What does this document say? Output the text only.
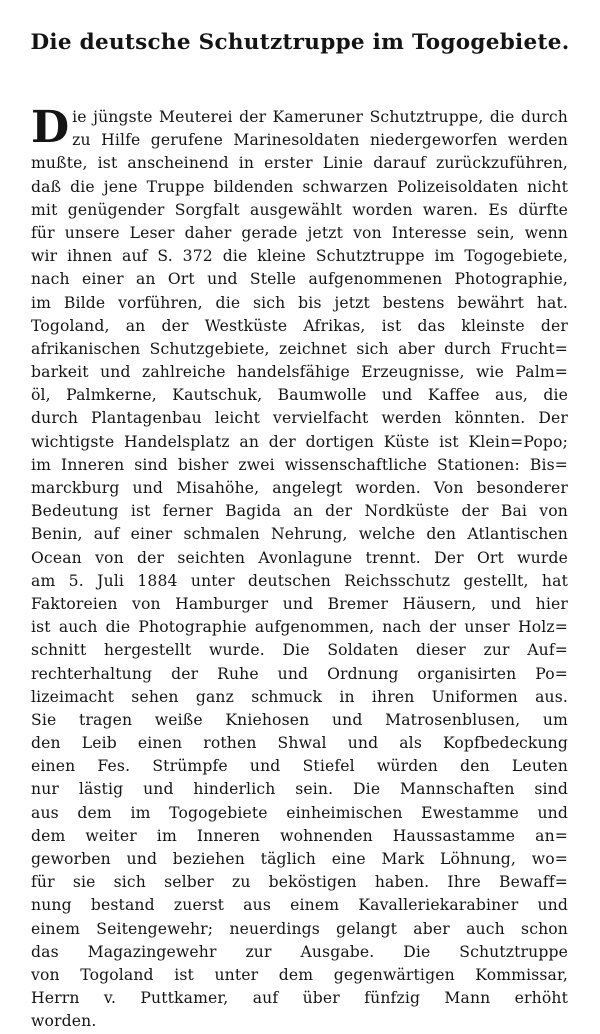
Die deutsche Schutztruppe im Togogebiete.
D ie jüngste Meuterei der Kameruner Schutztruppe, die durch
zu Hilfe gerufene Marinesoldaten niedergeworfen werden
mußte, ist anscheinend in erster Linie darauf zurückzuführen,
daß die jene Truppe bildenden schwarzen Polizeisoldaten nicht
mit genügender Sorgfalt ausgewählt worden waren. Es dürfte
für unsere Leser daher gerade jetzt von Interesse sein, wenn
wir ihnen auf S. 372 die kleine Schutztruppe im Togogebiete,
nach einer an Ort und Stelle aufgenommenen Photographie,
im Bilde vorführen, die sich bis jetzt bestens bewährt hat.
Togoland, an der Westküste Afrikas, ist das kleinste der
afrikanischen Schutzgebiete, zeichnet sich aber durch Frucht=
barkeit und zahlreiche handelsfähige Erzeugnisse, wie Palm=
öl, Palmkerne, Kautschuk, Baumwolle und Kaffee aus, die
durch Plantagenbau leicht vervielfacht werden könnten. Der
wichtigste Handelsplatz an der dortigen Küste ist Klein=Popo;
im Inneren sind bisher zwei wissenschaftliche Stationen: Bis=
marckburg und Misahöhe, angelegt worden. Von besonderer
Bedeutung ist ferner Bagida an der Nordküste der Bai von
Benin, auf einer schmalen Nehrung, welche den Atlantischen
Ocean von der seichten Avonlagune trennt. Der Ort wurde
am 5. Juli 1884 unter deutschen Reichsschutz gestellt, hat
Faktoreien von Hamburger und Bremer Häusern, und hier
ist auch die Photographie aufgenommen, nach der unser Holz=
schnitt hergestellt wurde. Die Soldaten dieser zur Auf=
rechterhaltung der Ruhe und Ordnung organisirten Po=
lizeimacht sehen ganz schmuck in ihren Uniformen aus.
Sie tragen weiße Kniehosen und Matrosenblusen, um
den Leib einen rothen Shwal und als Kopfbedeckung
einen Fes. Strümpfe und Stiefel würden den Leuten
nur lästig und hinderlich sein. Die Mannschaften sind
aus dem im Togogebiete einheimischen Ewestamme und
dem weiter im Inneren wohnenden Haussastamme an=
geworben und beziehen täglich eine Mark Löhnung, wo=
für sie sich selber zu beköstigen haben. Ihre Bewaff=
nung bestand zuerst aus einem Kavalleriekarabiner und
einem Seitengewehr; neuerdings gelangt aber auch schon
das Magazingewehr zur Ausgabe. Die Schutztruppe
von Togoland ist unter dem gegenwärtigen Kommissar,
Herrn v. Puttkamer, auf über fünfzig Mann erhöht
worden.
